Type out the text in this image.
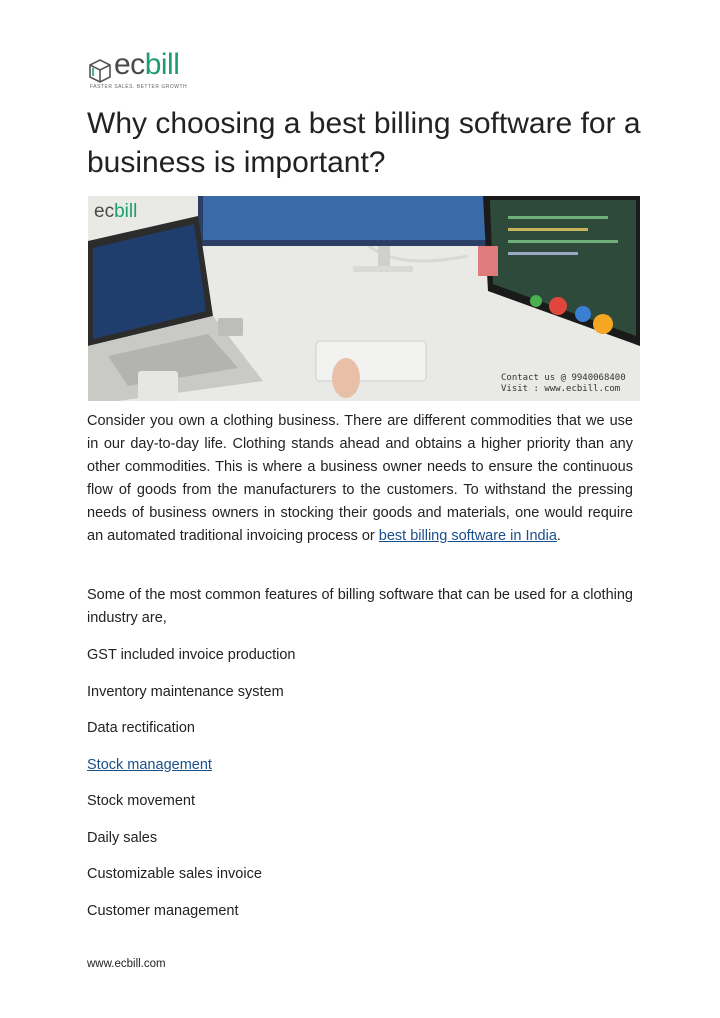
ecbill
FASTER SALES. BETTER GROWTH
Why choosing a best billing software for a business is important?
ecbill
Contact us @ 9940068400
Visit : www.ecbill.com

Consider you own a clothing business. There are different commodities that we use in our day-to-day life. Clothing stands ahead and obtains a higher priority than any other commodities. This is where a business owner needs to ensure the continuous flow of goods from the manufacturers to the customers. To withstand the pressing needs of business owners in stocking their goods and materials, one would require an automated traditional invoicing process or best billing software in India.

Some of the most common features of billing software that can be used for a clothing industry are,

GST included invoice production

Inventory maintenance system

Data rectification

Stock management

Stock movement

Daily sales

Customizable sales invoice

Customer management

www.ecbill.com
